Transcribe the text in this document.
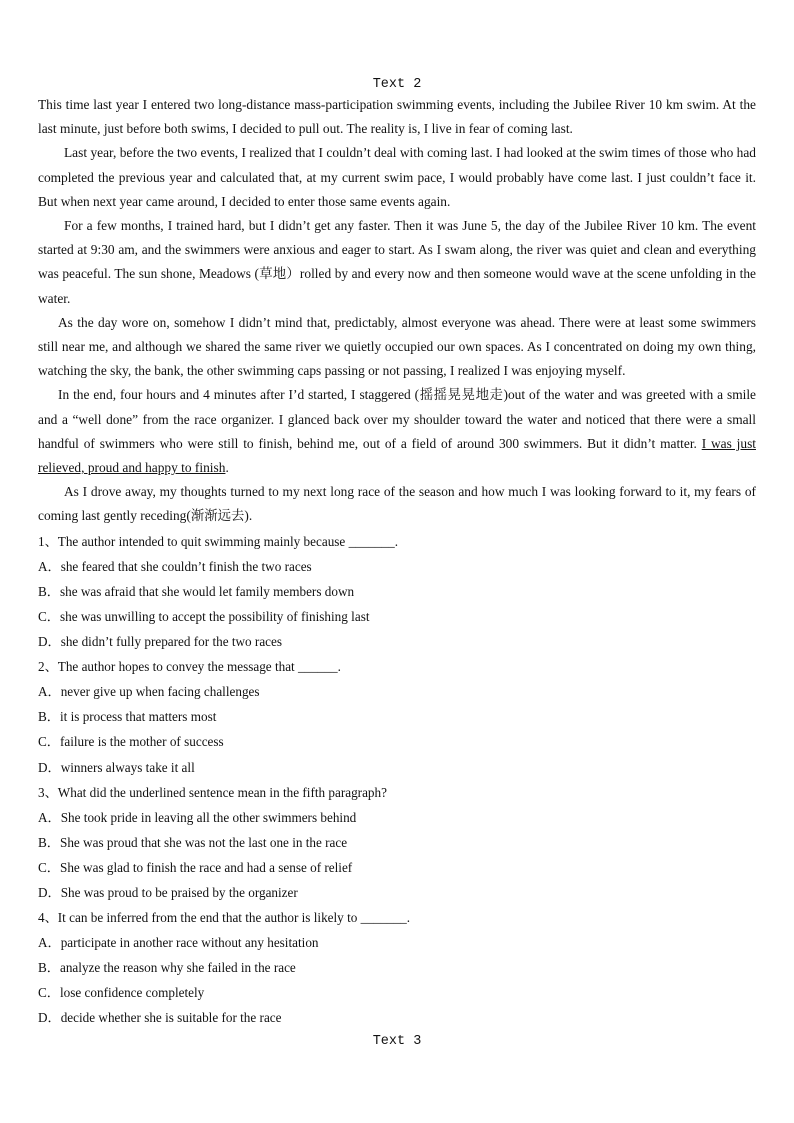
Text 2

This time last year I entered two long-distance mass-participation swimming events, including the Jubilee River 10 km swim. At the last minute, just before both swims, I decided to pull out. The reality is, I live in fear of coming last.

Last year, before the two events, I realized that I couldn’t deal with coming last. I had looked at the swim times of those who had completed the previous year and calculated that, at my current swim pace, I would probably have come last. I just couldn’t face it. But when next year came around, I decided to enter those same events again.

For a few months, I trained hard, but I didn’t get any faster. Then it was June 5, the day of the Jubilee River 10 km. The event started at 9:30 am, and the swimmers were anxious and eager to start. As I swam along, the river was quiet and clean and everything was peaceful. The sun shone, Meadows (草地）rolled by and every now and then someone would wave at the scene unfolding in the water.

As the day wore on, somehow I didn’t mind that, predictably, almost everyone was ahead. There were at least some swimmers still near me, and although we shared the same river we quietly occupied our own spaces. As I concentrated on doing my own thing, watching the sky, the bank, the other swimming caps passing or not passing, I realized I was enjoying myself.

In the end, four hours and 4 minutes after I’d started, I staggered (摇摇晃晃地走)out of the water and was greeted with a smile and a “well done” from the race organizer. I glanced back over my shoulder toward the water and noticed that there were a small handful of swimmers who were still to finish, behind me, out of a field of around 300 swimmers. But it didn’t matter. I was just relieved, proud and happy to finish.

As I drove away, my thoughts turned to my next long race of the season and how much I was looking forward to it, my fears of coming last gently receding(渐渐远去).

1、The author intended to quit swimming mainly because _______.
A．she feared that she couldn’t finish the two races
B．she was afraid that she would let family members down
C．she was unwilling to accept the possibility of finishing last
D．she didn’t fully prepared for the two races
2、The author hopes to convey the message that ______.
A．never give up when facing challenges
B．it is process that matters most
C．failure is the mother of success
D．winners always take it all
3、What did the underlined sentence mean in the fifth paragraph?
A．She took pride in leaving all the other swimmers behind
B．She was proud that she was not the last one in the race
C．She was glad to finish the race and had a sense of relief
D．She was proud to be praised by the organizer
4、It can be inferred from the end that the author is likely to _______.
A．participate in another race without any hesitation
B．analyze the reason why she failed in the race
C．lose confidence completely
D．decide whether she is suitable for the race
Text 3
